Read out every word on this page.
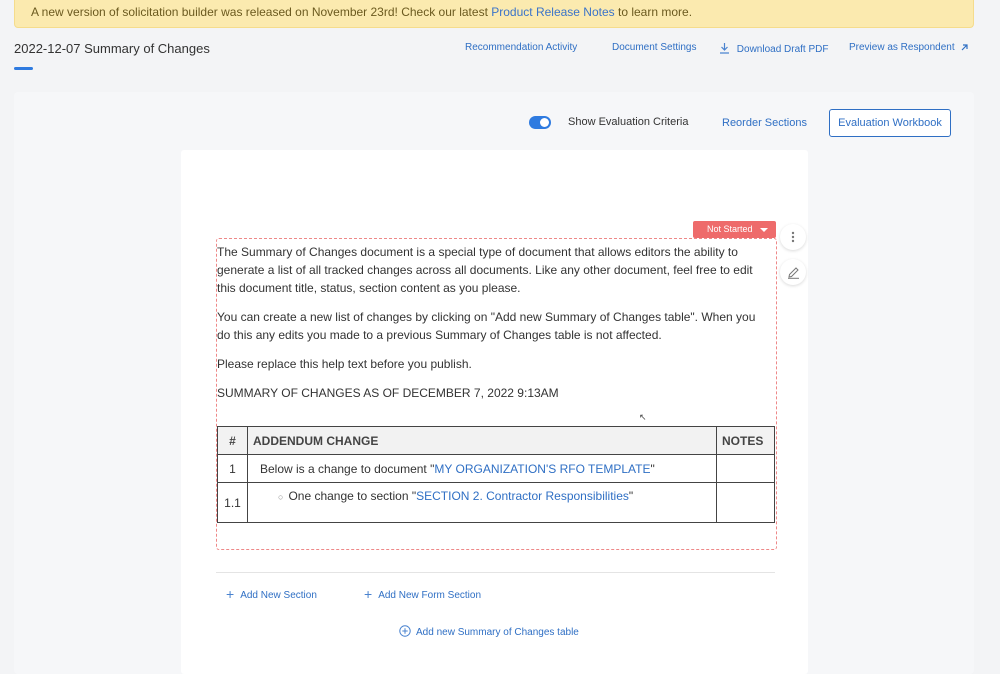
A new version of solicitation builder was released on November 23rd! Check our latest Product Release Notes to learn more.
2022-12-07 Summary of Changes	Recommendation Activity	Document Settings	Download Draft PDF Preview as Respondent
Show Evaluation Criteria	Reorder Sections	Evaluation Workbook
Not Started

The Summary of Changes document is a special type of document that allows editors the ability to generate a list of all tracked changes across all documents. Like any other document, feel free to edit this document title, status, section content as you please.

You can create a new list of changes by clicking on "Add new Summary of Changes table". When you do this any edits you made to a previous Summary of Changes table is not affected.

Please replace this help text before you publish.

SUMMARY OF CHANGES AS OF DECEMBER 7, 2022 9:13AM

↖
#	ADDENDUM CHANGE	NOTES
1	Below is a change to document "MY ORGANIZATION'S RFO TEMPLATE"	
1.1	○ One change to section "SECTION 2. Contractor Responsibilities"	
+ Add New Section	+ Add New Form Section
Add new Summary of Changes table
